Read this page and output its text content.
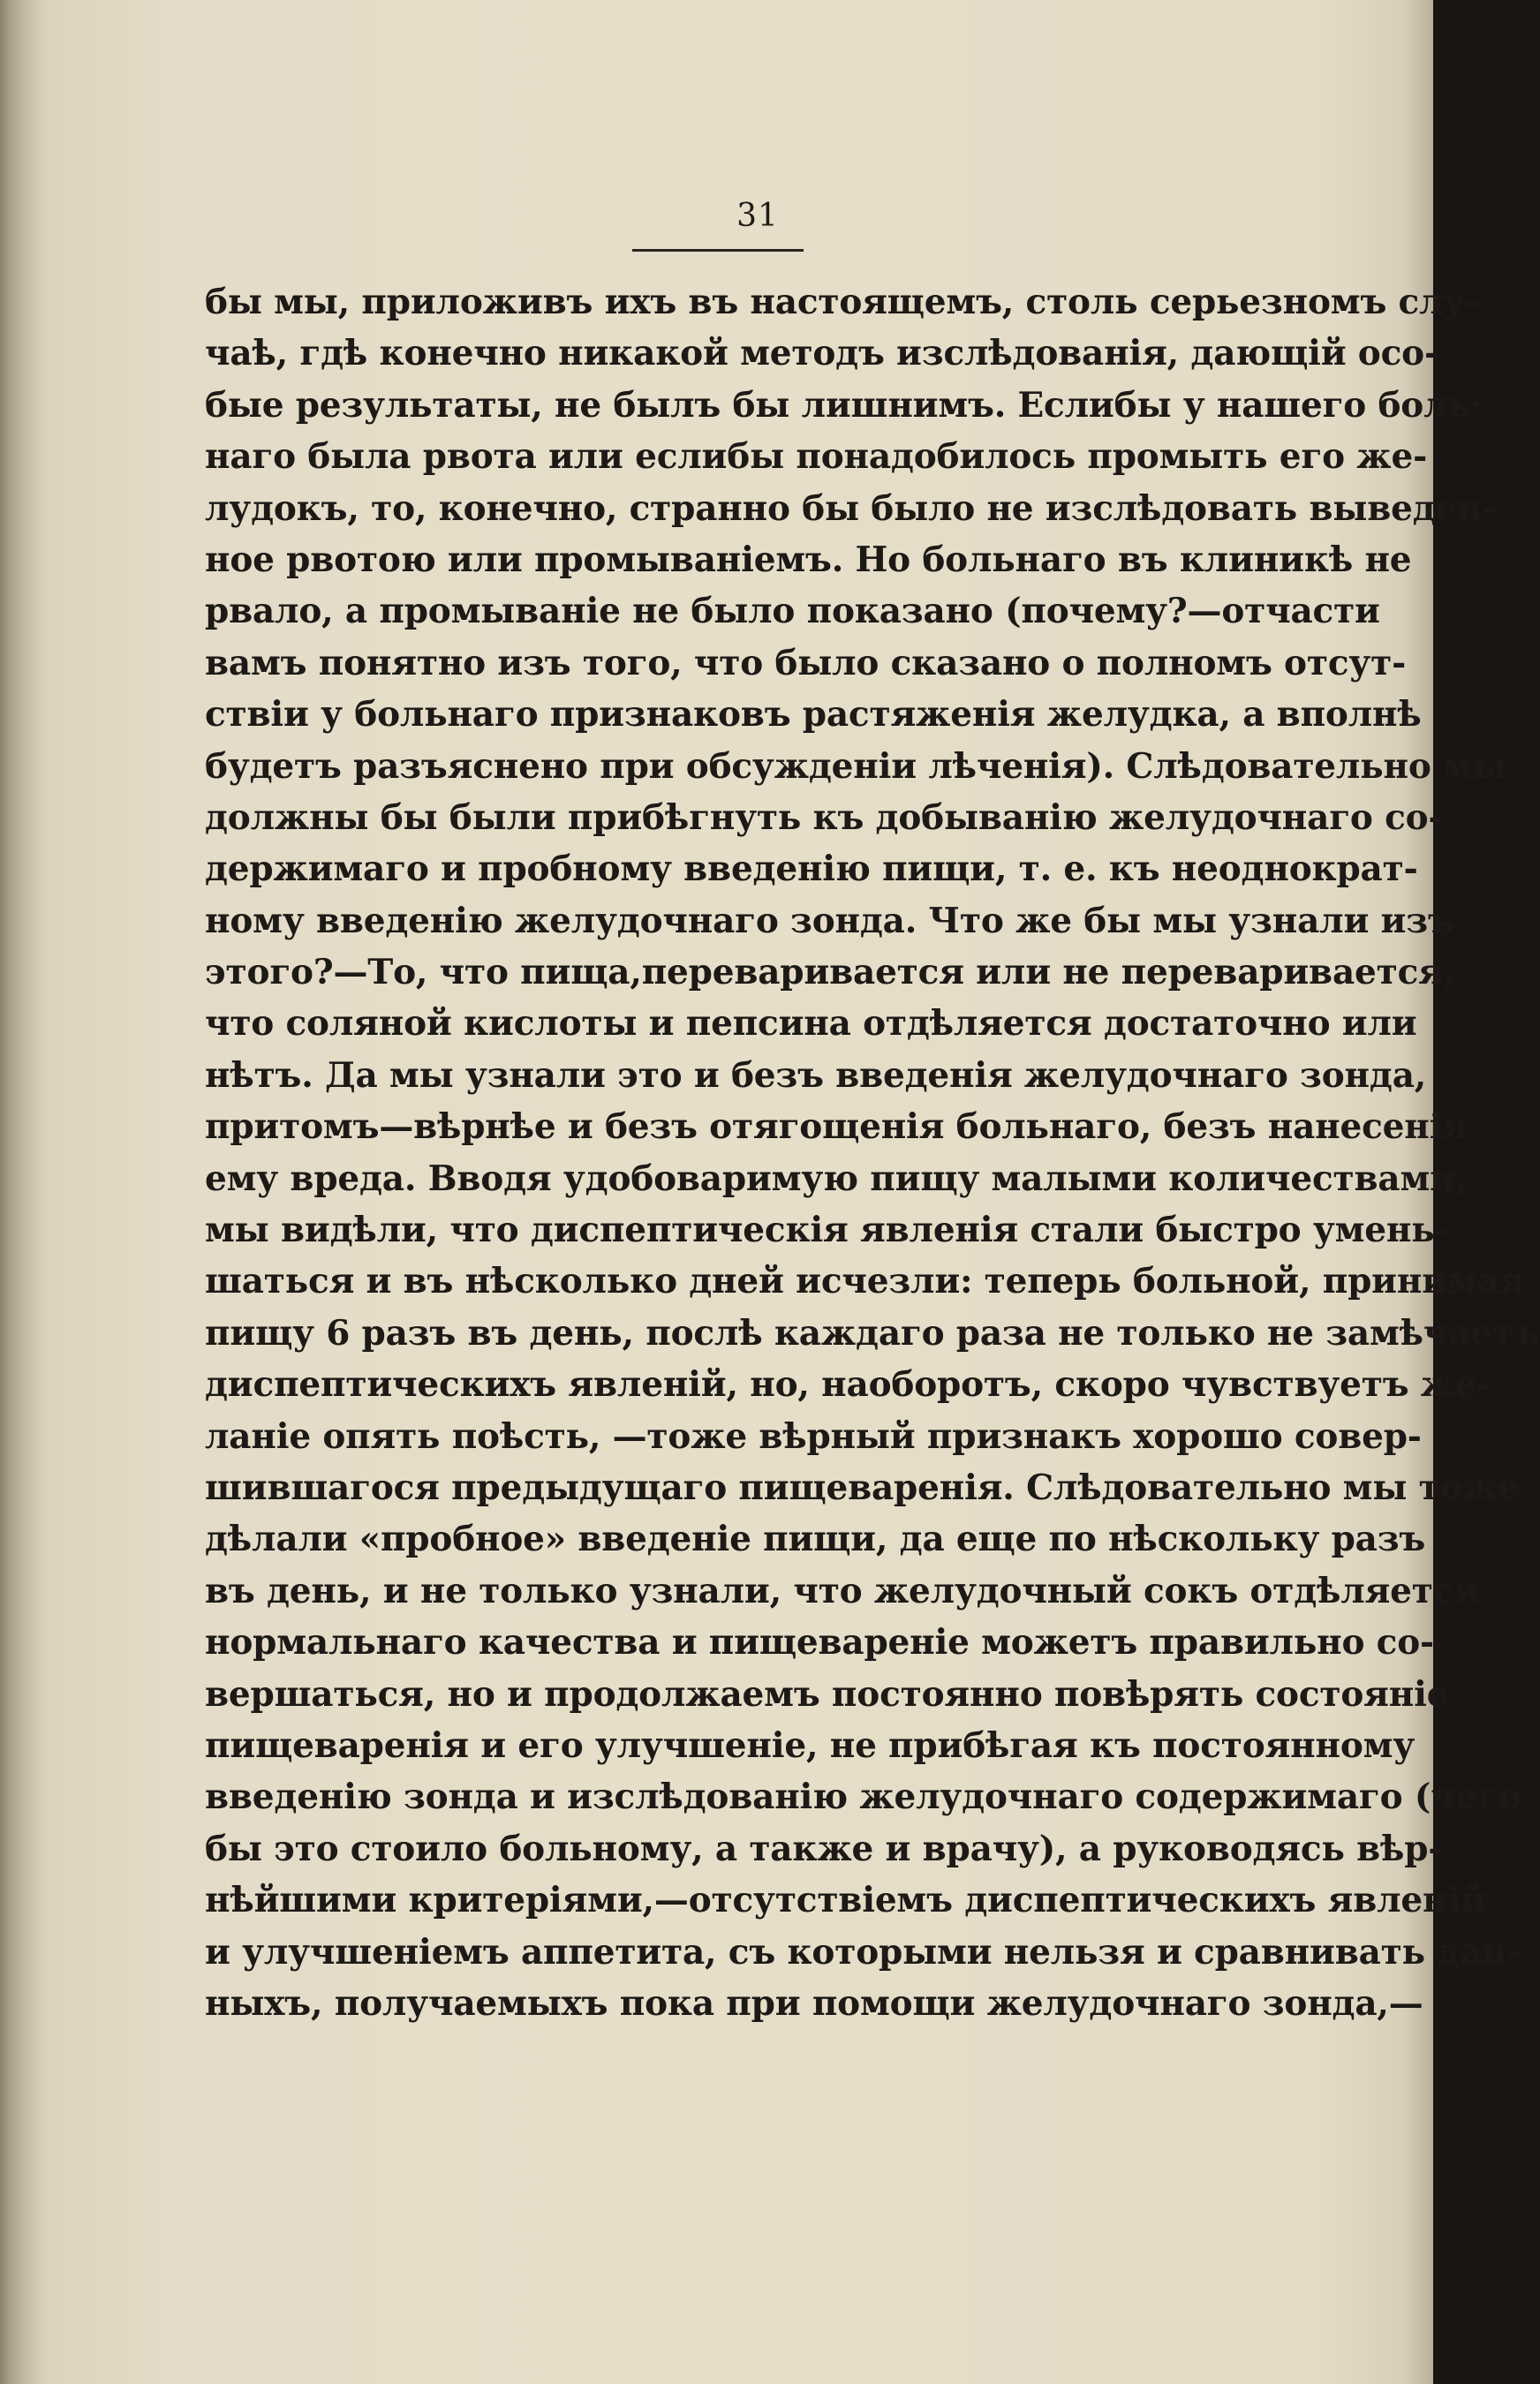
31
бы мы, приложивъ ихъ въ настоящемъ, столь серьезномъ слу-
чаѣ, гдѣ конечно никакой методъ изслѣдованія, дающій осо-
бые результаты, не былъ бы лишнимъ. Еслибы у нашего боль·
наго была рвота или еслибы понадобилось промыть его же-
лудокъ, то, конечно, странно бы было не изслѣдовать выведен-
ное рвотою или промываніемъ. Но больнаго въ клиникѣ не
рвало, а промываніе не было показано (почему?—отчасти
вамъ понятно изъ того, что было сказано о полномъ отсут-
ствіи у больнаго признаковъ растяженія желудка, а вполнѣ
будетъ разъяснено при обсужденіи лѣченія). Слѣдовательно мы
должны бы были прибѣгнуть къ добыванію желудочнаго со-
держимаго и пробному введенію пищи, т. е. къ неоднократ-
ному введенію желудочнаго зонда. Что же бы мы узнали изъ
этого?—То, что пища,переваривается или не переваривается,
что соляной кислоты и пепсина отдѣляется достаточно или
нѣтъ. Да мы узнали это и безъ введенія желудочнаго зонда,
притомъ—вѣрнѣе и безъ отягощенія больнаго, безъ нанесенія
ему вреда. Вводя удобоваримую пищу малыми количествами,
мы видѣли, что диспептическія явленія стали быстро умень-
шаться и въ нѣсколько дней исчезли: теперь больной, принимая
пищу 6 разъ въ день, послѣ каждаго раза не только не замѣчаетъ
диспептическихъ явленій, но, наоборотъ, скоро чувствуетъ же-
ланіе опять поѣсть, —тоже вѣрный признакъ хорошо совер-
шившагося предыдущаго пищеваренія. Слѣдовательно мы тоже
дѣлали «пробное» введеніе пищи, да еще по нѣскольку разъ
въ день, и не только узнали, что желудочный сокъ отдѣляется
нормальнаго качества и пищевареніе можетъ правильно со-
вершаться, но и продолжаемъ постоянно повѣрять состояніе
пищеваренія и его улучшеніе, не прибѣгая къ постоянному
введенію зонда и изслѣдованію желудочнаго содержимаго (чего
бы это стоило больному, а также и врачу), а руководясь вѣр-
нѣйшими критеріями,—отсутствіемъ диспептическихъ явленій
и улучшеніемъ аппетита, съ которыми нельзя и сравнивать дан-
ныхъ, получаемыхъ пока при помощи желудочнаго зонда,—
